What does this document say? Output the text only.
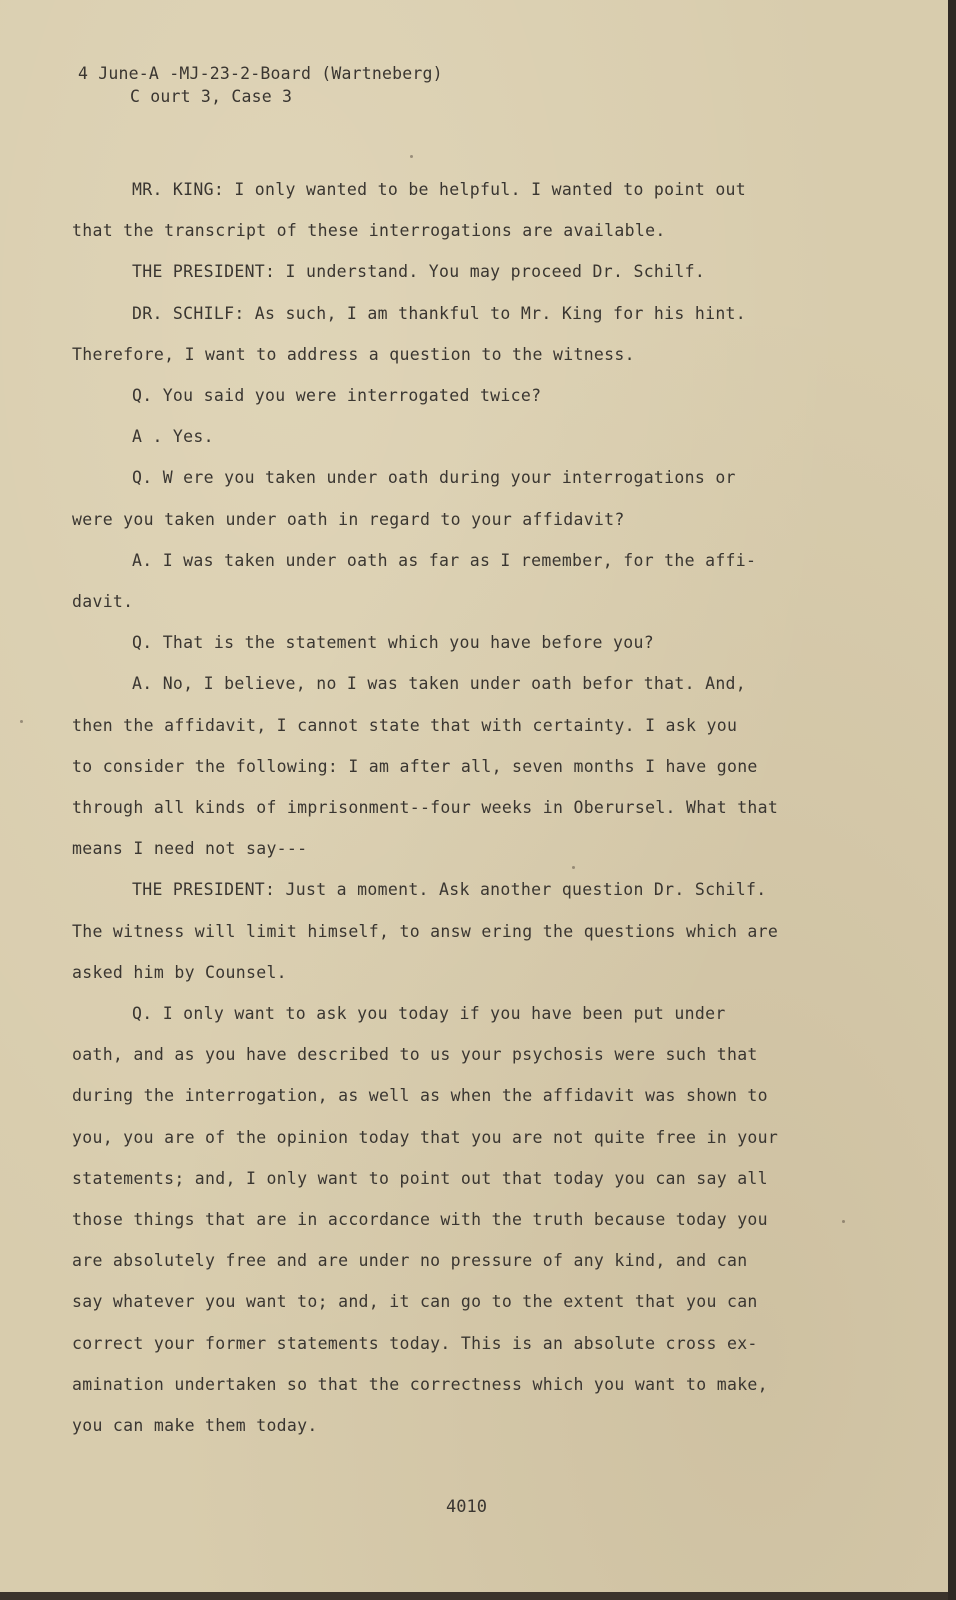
4 June-A -MJ-23-2-Board (Wartneberg)
C ourt 3, Case 3
MR. KING: I only wanted to be helpful. I wanted to point out
that the transcript of these interrogations are available.
THE PRESIDENT: I understand. You may proceed Dr. Schilf.
DR. SCHILF: As such, I am thankful to Mr. King for his hint.
Therefore, I want to address a question to the witness.
Q. You said you were interrogated twice?
A . Yes.
Q. W ere you taken under oath during your interrogations or
were you taken under oath in regard to your affidavit?
A. I was taken under oath as far as I remember, for the affi-
davit.
Q. That is the statement which you have before you?
A. No, I believe, no I was taken under oath befor that. And,
then the affidavit, I cannot state that with certainty. I ask you
to consider the following: I am after all, seven months I have gone
through all kinds of imprisonment--four weeks in Oberursel. What that
means I need not say---
THE PRESIDENT: Just a moment. Ask another question Dr. Schilf.
The witness will limit himself, to answ ering the questions which are
asked him by Counsel.
Q. I only want to ask you today if you have been put under
oath, and as you have described to us your psychosis were such that
during the interrogation, as well as when the affidavit was shown to
you, you are of the opinion today that you are not quite free in your
statements; and, I only want to point out that today you can say all
those things that are in accordance with the truth because today you
are absolutely free and are under no pressure of any kind, and can
say whatever you want to; and, it can go to the extent that you can
correct your former statements today. This is an absolute cross ex-
amination undertaken so that the correctness which you want to make,
you can make them today.
4010
